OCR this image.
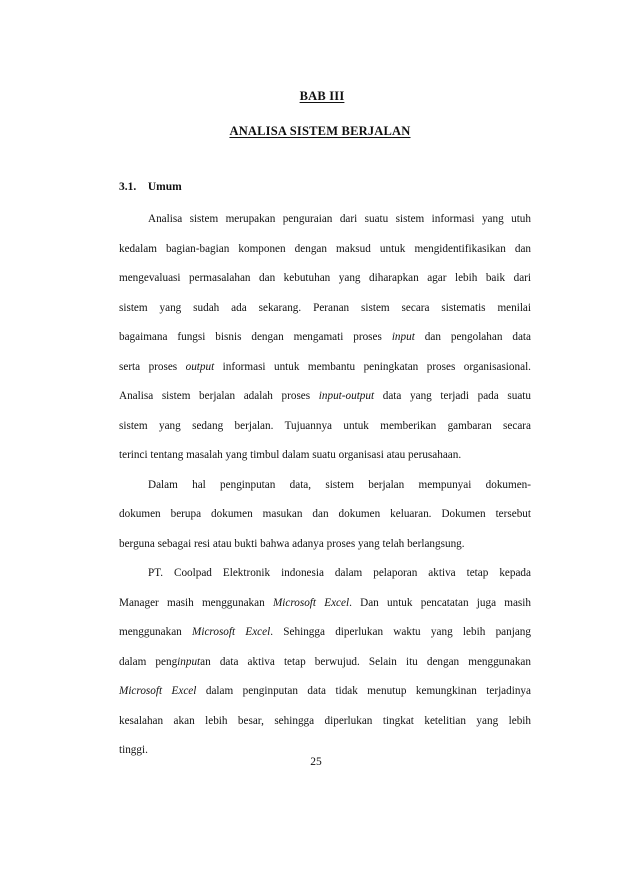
BAB III
ANALISA SISTEM BERJALAN
3.1. Umum
Analisa sistem merupakan penguraian dari suatu sistem informasi yang utuh
kedalam bagian-bagian komponen dengan maksud untuk mengidentifikasikan dan
mengevaluasi permasalahan dan kebutuhan yang diharapkan agar lebih baik dari
sistem yang sudah ada sekarang. Peranan sistem secara sistematis menilai
bagaimana fungsi bisnis dengan mengamati proses input dan pengolahan data
serta proses output informasi untuk membantu peningkatan proses organisasional.
Analisa sistem berjalan adalah proses input-output data yang terjadi pada suatu
sistem yang sedang berjalan. Tujuannya untuk memberikan gambaran secara
terinci tentang masalah yang timbul dalam suatu organisasi atau perusahaan.
Dalam hal penginputan data, sistem berjalan mempunyai dokumen-
dokumen berupa dokumen masukan dan dokumen keluaran. Dokumen tersebut
berguna sebagai resi atau bukti bahwa adanya proses yang telah berlangsung.
PT. Coolpad Elektronik indonesia dalam pelaporan aktiva tetap kepada
Manager masih menggunakan Microsoft Excel. Dan untuk pencatatan juga masih
menggunakan Microsoft Excel. Sehingga diperlukan waktu yang lebih panjang
dalam penginputan data aktiva tetap berwujud. Selain itu dengan menggunakan
Microsoft Excel dalam penginputan data tidak menutup kemungkinan terjadinya
kesalahan akan lebih besar, sehingga diperlukan tingkat ketelitian yang lebih
tinggi.
25
